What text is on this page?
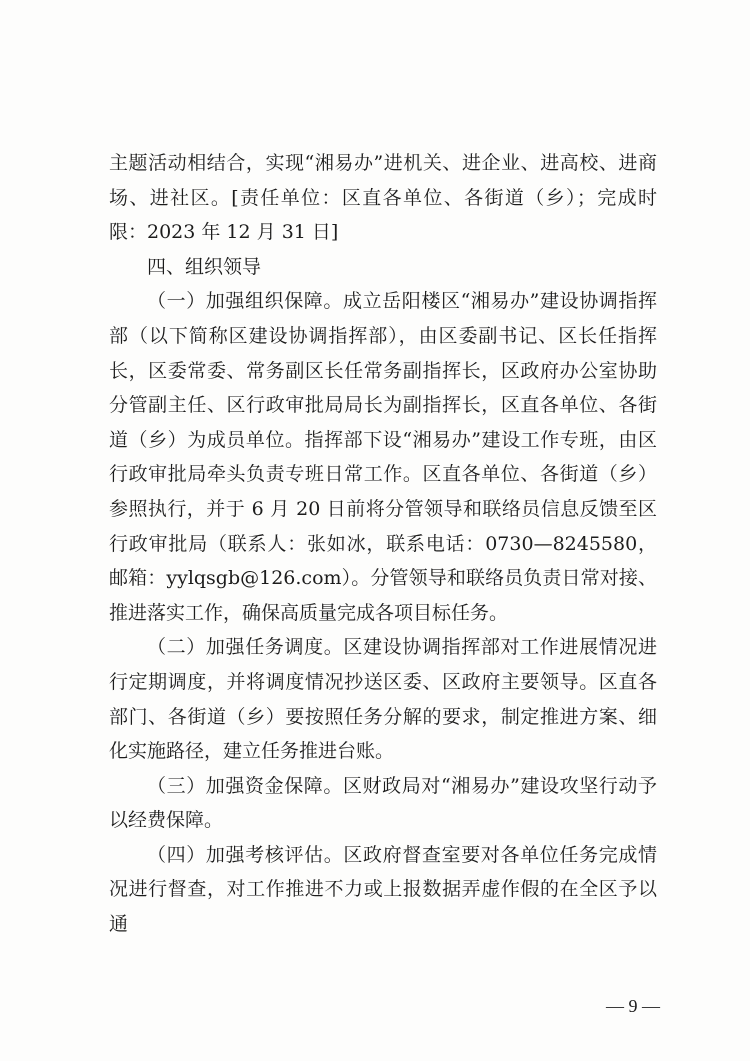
主题活动相结合，实现“湘易办”进机关、进企业、进高校、进商场、进社区。[责任单位：区直各单位、各街道（乡）；完成时限：2023 年 12 月 31 日]

四、组织领导

（一）加强组织保障。成立岳阳楼区“湘易办”建设协调指挥部（以下简称区建设协调指挥部），由区委副书记、区长任指挥长，区委常委、常务副区长任常务副指挥长，区政府办公室协助分管副主任、区行政审批局局长为副指挥长，区直各单位、各街道（乡）为成员单位。指挥部下设“湘易办”建设工作专班，由区行政审批局牵头负责专班日常工作。区直各单位、各街道（乡）参照执行，并于 6 月 20 日前将分管领导和联络员信息反馈至区行政审批局（联系人：张如冰，联系电话：0730—8245580，邮箱：yylqsgb@126.com）。分管领导和联络员负责日常对接、推进落实工作，确保高质量完成各项目标任务。

（二）加强任务调度。区建设协调指挥部对工作进展情况进行定期调度，并将调度情况抄送区委、区政府主要领导。区直各部门、各街道（乡）要按照任务分解的要求，制定推进方案、细化实施路径，建立任务推进台账。

（三）加强资金保障。区财政局对“湘易办”建设攻坚行动予以经费保障。

（四）加强考核评估。区政府督查室要对各单位任务完成情况进行督查，对工作推进不力或上报数据弄虚作假的在全区予以通

— 9 —
